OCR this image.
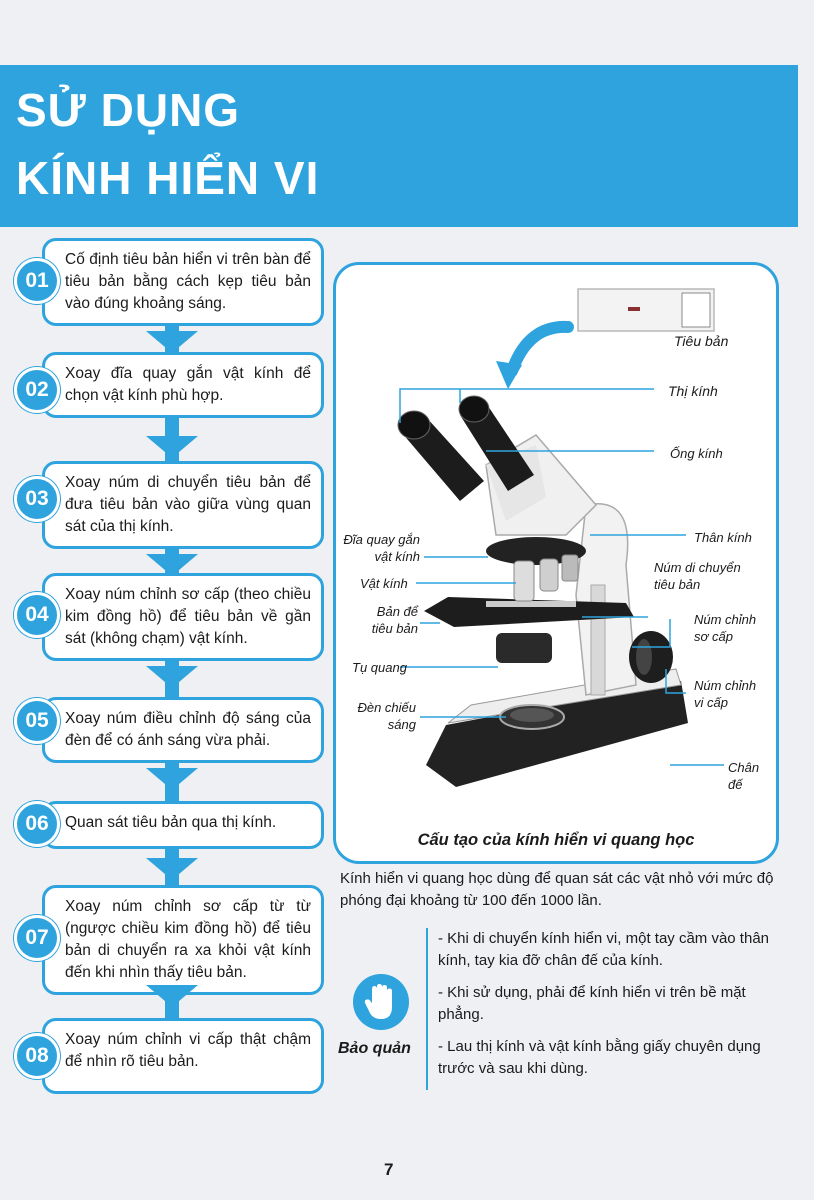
SỬ DỤNG
KÍNH HIỂN VI
Cố định tiêu bản hiển vi trên bàn để tiêu bản bằng cách kẹp tiêu bản vào đúng khoảng sáng.
01
Xoay đĩa quay gắn vật kính để chọn vật kính phù hợp.
02
Xoay núm di chuyển tiêu bản để đưa tiêu bản vào giữa vùng quan sát của thị kính.
03
Xoay núm chỉnh sơ cấp (theo chiều kim đồng hồ) để tiêu bản về gần sát (không chạm) vật kính.
04
Xoay núm điều chỉnh độ sáng của đèn để có ánh sáng vừa phải.
05
Quan sát tiêu bản qua thị kính.
06
Xoay núm chỉnh sơ cấp từ từ (ngược chiều kim đồng hồ) để tiêu bản di chuyển ra xa khỏi vật kính đến khi nhìn thấy tiêu bản.
07
Xoay núm chỉnh vi cấp thật chậm để nhìn rõ tiêu bản.
08
Tiêu bản
Thị kính
Ống kính
Thân kính
Đĩa quay gắn vật kính
Vật kính
Núm di chuyển tiêu bản
Bản để tiêu bản
Núm chỉnh sơ cấp
Tụ quang
Núm chỉnh vi cấp
Đèn chiếu sáng
Chân đế
Cấu tạo của kính hiển vi quang học
Kính hiển vi quang học dùng để quan sát các vật nhỏ với mức độ phóng đại khoảng từ 100 đến 1000 lần.
Bảo quản
- Khi di chuyển kính hiển vi, một tay cầm vào thân kính, tay kia đỡ chân đế của kính.
- Khi sử dụng, phải để kính hiển vi trên bề mặt phẳng.
- Lau thị kính và vật kính bằng giấy chuyên dụng trước và sau khi dùng.
7
